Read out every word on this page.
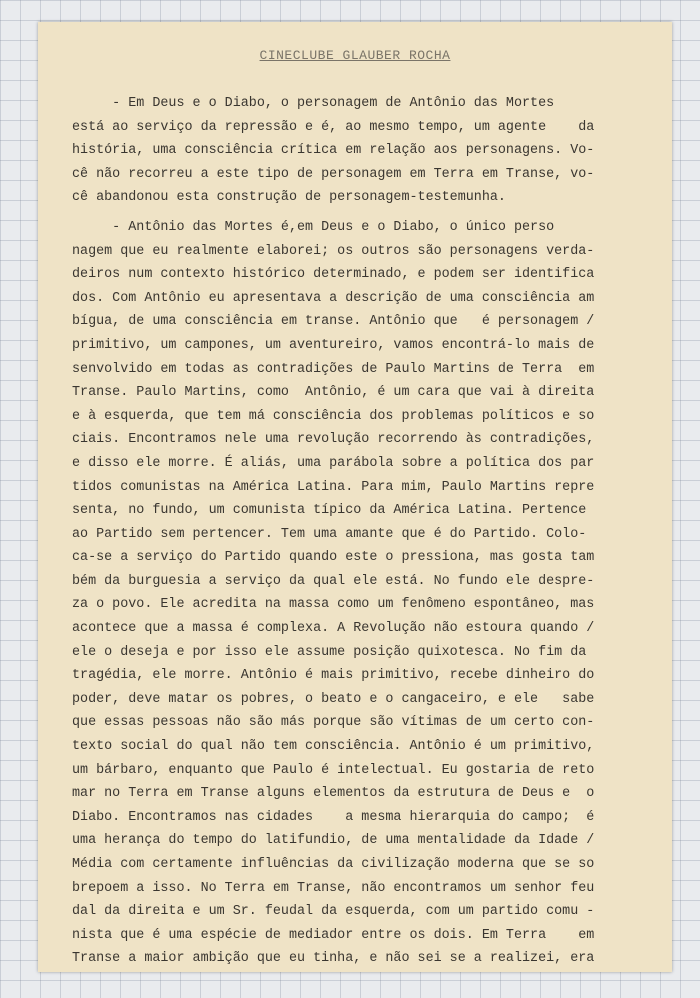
CINECLUBE GLAUBER ROCHA
- Em Deus e o Diabo, o personagem de Antônio das Mortes
está ao serviço da repressão e é, ao mesmo tempo, um agente    da
história, uma consciência crítica em relação aos personagens. Vo-
cê não recorreu a este tipo de personagem em Terra em Transe, vo-
cê abandonou esta construção de personagem-testemunha.
- Antônio das Mortes é,em Deus e o Diabo, o único perso
nagem que eu realmente elaborei; os outros são personagens verda-
deiros num contexto histórico determinado, e podem ser identifica
dos. Com Antônio eu apresentava a descrição de uma consciência am
bígua, de uma consciência em transe. Antônio que   é personagem /
primitivo, um campones, um aventureiro, vamos encontrá-lo mais de
senvolvido em todas as contradições de Paulo Martins de Terra  em
Transe. Paulo Martins, como  Antônio, é um cara que vai à direita
e à esquerda, que tem má consciência dos problemas políticos e so
ciais. Encontramos nele uma revolução recorrendo às contradições,
e disso ele morre. É aliás, uma parábola sobre a política dos par
tidos comunistas na América Latina. Para mim, Paulo Martins repre
senta, no fundo, um comunista típico da América Latina. Pertence
ao Partido sem pertencer. Tem uma amante que é do Partido. Colo-
ca-se a serviço do Partido quando este o pressiona, mas gosta tam
bém da burguesia a serviço da qual ele está. No fundo ele despre-
za o povo. Ele acredita na massa como um fenômeno espontâneo, mas
acontece que a massa é complexa. A Revolução não estoura quando /
ele o deseja e por isso ele assume posição quixotesca. No fim da
tragédia, ele morre. Antônio é mais primitivo, recebe dinheiro do
poder, deve matar os pobres, o beato e o cangaceiro, e ele   sabe
que essas pessoas não são más porque são vítimas de um certo con-
texto social do qual não tem consciência. Antônio é um primitivo,
um bárbaro, enquanto que Paulo é intelectual. Eu gostaria de reto
mar no Terra em Transe alguns elementos da estrutura de Deus e  o
Diabo. Encontramos nas cidades    a mesma hierarquia do campo;  é
uma herança do tempo do latifundio, de uma mentalidade da Idade /
Média com certamente influências da civilização moderna que se so
brepoem a isso. No Terra em Transe, não encontramos um senhor feu
dal da direita e um Sr. feudal da esquerda, com um partido comu -
nista que é uma espécie de mediador entre os dois. Em Terra    em
Transe a maior ambição que eu tinha, e não sei se a realizei, era
